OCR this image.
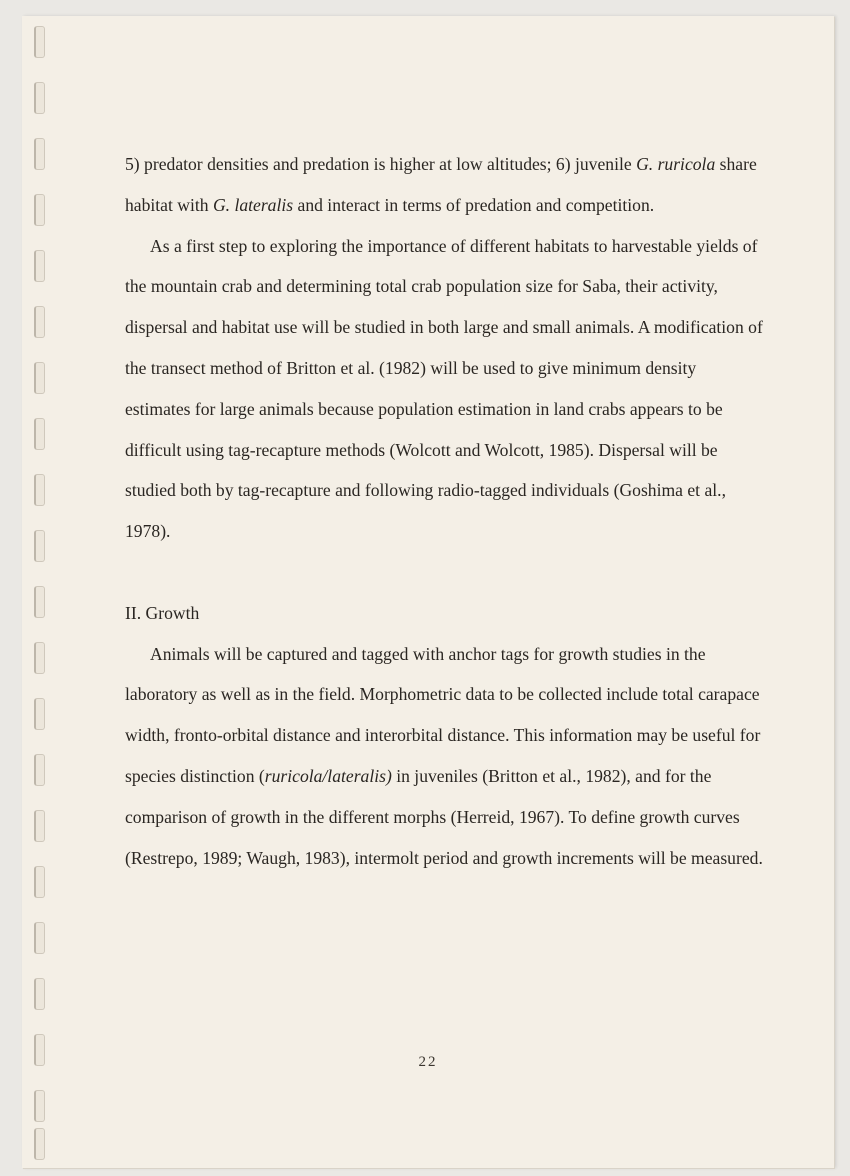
5) predator densities and predation is higher at low altitudes; 6) juvenile G. ruricola share habitat with G. lateralis and interact in terms of predation and competition.

As a first step to exploring the importance of different habitats to harvestable yields of the mountain crab and determining total crab population size for Saba, their activity, dispersal and habitat use will be studied in both large and small animals. A modification of the transect method of Britton et al. (1982) will be used to give minimum density estimates for large animals because population estimation in land crabs appears to be difficult using tag-recapture methods (Wolcott and Wolcott, 1985). Dispersal will be studied both by tag-recapture and following radio-tagged individuals (Goshima et al., 1978).

II. Growth

Animals will be captured and tagged with anchor tags for growth studies in the laboratory as well as in the field. Morphometric data to be collected include total carapace width, fronto-orbital distance and interorbital distance. This information may be useful for species distinction (ruricola/lateralis) in juveniles (Britton et al., 1982), and for the comparison of growth in the different morphs (Herreid, 1967). To define growth curves (Restrepo, 1989; Waugh, 1983), intermolt period and growth increments will be measured.

22
